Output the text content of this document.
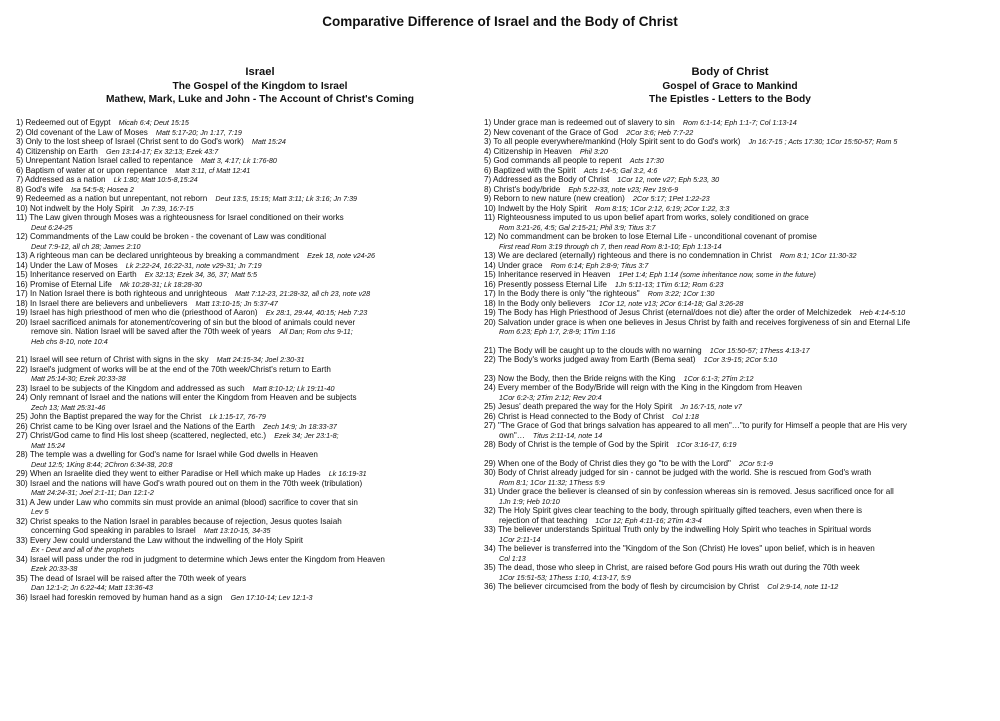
Comparative Difference of Israel and the Body of Christ
Israel
The Gospel of the Kingdom to Israel
Mathew, Mark, Luke and John - The Account of Christ's Coming
Body of Christ
Gospel of Grace to Mankind
The Epistles - Letters to the Body
1) Redeemed out of Egypt  Micah 6:4; Deut 15:15
2) Old covenant of the Law of Moses  Matt 5:17-20; Jn 1:17, 7:19
3) Only to the lost sheep of Israel (Christ sent to do God's work)  Matt 15:24
4) Citizenship on Earth  Gen 13:14-17; Ex 32:13; Ezek 43:7
5) Unrepentant Nation Israel called to repentance  Matt 3, 4:17; Lk 1:76-80
6) Baptism of water at or upon repentance  Matt 3:11, cf Matt 12:41
7) Addressed as a nation  Lk 1:80; Matt 10:5-8,15:24
8) God's wife  Isa 54:5-8; Hosea 2
9) Redeemed as a nation but unrepentant, not reborn  Deut 13:5, 15:15; Matt 3:11; Lk 3:16; Jn 7:39
10) Not indwelt by the Holy Spirit  Jn 7:39, 16:7-15
11) The Law given through Moses was a righteousness for Israel conditioned on their works
Deut 6:24-25
12) Commandments of the Law could be broken - the covenant of Law was conditional
Deut 7:9-12, all ch 28; James 2:10
13) A righteous man can be declared unrighteous by breaking a commandment  Ezek 18, note v24-26
14) Under the Law of Moses  Lk 2:22-24, 16:22-31, note v29-31; Jn 7:19
15) Inheritance reserved on Earth  Ex 32:13; Ezek 34, 36, 37; Matt 5:5
16) Promise of Eternal Life  Mk 10:28-31; Lk 18:28-30
17) In Nation Israel there is both righteous and unrighteous  Matt 7:12-23, 21:28-32, all ch 23, note v28
18) In Israel there are believers and unbelievers  Matt 13:10-15; Jn 5:37-47
19) Israel has high priesthood of men who die (priesthood of Aaron)  Ex 28:1, 29:44, 40:15; Heb 7:23
20) Israel sacrificed animals for atonement/covering of sin but the blood of animals could never
remove sin. Nation Israel will be saved after the 70th week of years  All Dan; Rom chs 9-11;
Heb chs 8-10, note 10:4
21) Israel will see return of Christ with signs in the sky  Matt 24:15-34; Joel 2:30-31
22) Israel's judgment of works will be at the end of the 70th week/Christ's return to Earth
Matt 25:14-30; Ezek 20:33-38
23) Israel to be subjects of the Kingdom and addressed as such  Matt 8:10-12; Lk 19:11-40
24) Only remnant of Israel and the nations will enter the Kingdom from Heaven and be subjects
Zech 13; Matt 25:31-46
25) John the Baptist prepared the way for the Christ  Lk 1:15-17, 76-79
26) Christ came to be King over Israel and the Nations of the Earth  Zech 14:9; Jn 18:33-37
27) Christ/God came to find His lost sheep (scattered, neglected, etc.)  Ezek 34; Jer 23:1-8;
Matt 15:24
28) The temple was a dwelling for God's name for Israel while God dwells in Heaven
Deut 12:5; 1King 8:44; 2Chron 6:34-38, 20:8
29) When an Israelite died they went to either Paradise or Hell which make up Hades  Lk 16:19-31
30) Israel and the nations will have God's wrath poured out on them in the 70th week (tribulation)
Matt 24:24-31; Joel 2:1-11; Dan 12:1-2
31) A Jew under Law who commits sin must provide an animal (blood) sacrifice to cover that sin
Lev 5
32) Christ speaks to the Nation Israel in parables because of rejection, Jesus quotes Isaiah
concerning God speaking in parables to Israel  Matt 13:10-15, 34-35
33) Every Jew could understand the Law without the indwelling of the Holy Spirit
Ex - Deut and all of the prophets
34) Israel will pass under the rod in judgment to determine which Jews enter the Kingdom from Heaven
Ezek 20:33-38
35) The dead of Israel will be raised after the 70th week of years
Dan 12:1-2; Jn 6:22-44; Matt 13:36-43
36) Israel had foreskin removed by human hand as a sign  Gen 17:10-14; Lev 12:1-3
1) Under grace man is redeemed out of slavery to sin  Rom 6:1-14; Eph 1:1-7; Col 1:13-14
2) New covenant of the Grace of God  2Cor 3:6; Heb 7:7-22
3) To all people everywhere/mankind (Holy Spirit sent to do God's work)  Jn 16:7-15 ; Acts 17:30; 1Cor 15:50-57; Rom 5
4) Citizenship in Heaven  Phil 3:20
5) God commands all people to repent  Acts 17:30
6) Baptized with the Spirit  Acts 1:4-5; Gal 3:2, 4:6
7) Addressed as the Body of Christ  1Cor 12, note v27; Eph 5:23, 30
8) Christ's body/bride  Eph 5:22-33, note v23; Rev 19:6-9
9) Reborn to new nature (new creation)  2Cor 5:17; 1Pet 1:22-23
10) Indwelt by the Holy Spirit  Rom 8:15; 1Cor 2:12, 6:19; 2Cor 1:22, 3:3
11) Righteousness imputed to us upon belief apart from works, solely conditioned on grace
Rom 3:21-26, 4:5; Gal 2:15-21; Phil 3:9; Titus 3:7
12) No commandment can be broken to lose Eternal Life - unconditional covenant of promise
First read Rom 3:19 through ch 7, then read Rom 8:1-10; Eph 1:13-14
13) We are declared (eternally) righteous and there is no condemnation in Christ  Rom 8:1; 1Cor 11:30-32
14) Under grace  Rom 6:14; Eph 2:8-9; Titus 3:7
15) Inheritance reserved in Heaven  1Pet 1:4; Eph 1:14 (some inheritance now, some in the future)
16) Presently possess Eternal Life  1Jn 5:11-13; 1Tim 6:12; Rom 6:23
17) In the Body there is only "the righteous"  Rom 3:22; 1Cor 1:30
18) In the Body only believers  1Cor 12, note v13; 2Cor 6:14-18; Gal 3:26-28
19) The Body has High Priesthood of Jesus Christ (eternal/does not die) after the order of Melchizedek  Heb 4:14-5:10
20) Salvation under grace is when one believes in Jesus Christ by faith and receives forgiveness of sin and Eternal Life
Rom 6:23; Eph 1:7, 2:8-9; 1Tim 1:16
21) The Body will be caught up to the clouds with no warning  1Cor 15:50-57; 1Thess 4:13-17
22) The Body's works judged away from Earth (Bema seat)  1Cor 3:9-15; 2Cor 5:10
23) Now the Body, then the Bride reigns with the King  1Cor 6:1-3; 2Tim 2:12
24) Every member of the Body/Bride will reign with the King in the Kingdom from Heaven
1Cor 6:2-3; 2Tim 2:12; Rev 20:4
25) Jesus' death prepared the way for the Holy Spirit  Jn 16:7-15, note v7
26) Christ is Head connected to the Body of Christ  Col 1:18
27) "The Grace of God that brings salvation has appeared to all men"…"to purify for Himself a people that are His very
own"…  Titus 2:11-14, note 14
28) Body of Christ is the temple of God by the Spirit  1Cor 3:16-17, 6:19
29) When one of the Body of Christ dies they go "to be with the Lord"  2Cor 5:1-9
30) Body of Christ already judged for sin - cannot be judged with the world. She is rescued from God's wrath
Rom 8:1; 1Cor 11:32; 1Thess 5:9
31) Under grace the believer is cleansed of sin by confession whereas sin is removed. Jesus sacrificed once for all
1Jn 1:9; Heb 10:10
32) The Holy Spirit gives clear teaching to the body, through spiritually gifted teachers, even when there is
rejection of that teaching  1Cor 12; Eph 4:11-16; 2Tim 4:3-4
33) The believer understands Spiritual Truth only by the indwelling Holy Spirit who teaches in Spiritual words
1Cor 2:11-14
34) The believer is transferred into the "Kingdom of the Son (Christ) He loves" upon belief, which is in heaven
Col 1:13
35) The dead, those who sleep in Christ, are raised before God pours His wrath out during the 70th week
1Cor 15:51-53; 1Thess 1:10, 4:13-17, 5:9
36) The believer circumcised from the body of flesh by circumcision by Christ  Col 2:9-14, note 11-12
